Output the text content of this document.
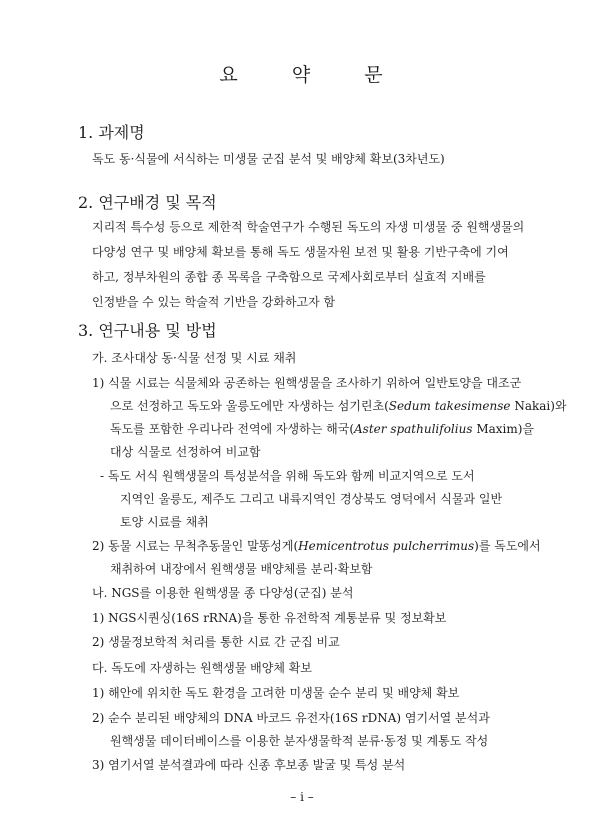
요	약	문
1. 과제명
독도 동·식물에 서식하는 미생물 군집 분석 및 배양체 확보(3차년도)
2. 연구배경 및 목적
지리적 특수성 등으로 제한적 학술연구가 수행된 독도의 자생 미생물 중 원핵생물의
다양성 연구 및 배양체 확보를 통해 독도 생물자원 보전 및 활용 기반구축에 기여
하고, 정부차원의 종합 종 목록을 구축함으로 국제사회로부터 실효적 지배를
인정받을 수 있는 학술적 기반을 강화하고자 함
3. 연구내용 및 방법
가. 조사대상 동·식물 선정 및 시료 채취
1) 식물 시료는 식물체와 공존하는 원핵생물을 조사하기 위하여 일반토양을 대조군
으로 선정하고 독도와 울릉도에만 자생하는 섬기린초(Sedum takesimense Nakai)와
독도를 포함한 우리나라 전역에 자생하는 해국(Aster spathulifolius Maxim)을
대상 식물로 선정하여 비교함
- 독도 서식 원핵생물의 특성분석을 위해 독도와 함께 비교지역으로 도서
지역인 울릉도, 제주도 그리고 내륙지역인 경상북도 영덕에서 식물과 일반
토양 시료를 채취
2) 동물 시료는 무척추동물인 말똥성게(Hemicentrotus pulcherrimus)를 독도에서
채취하여 내장에서 원핵생물 배양체를 분리·확보함
나. NGS를 이용한 원핵생물 종 다양성(군집) 분석
1) NGS시퀀싱(16S rRNA)을 통한 유전학적 계통분류 및 정보확보
2) 생물정보학적 처리를 통한 시료 간 군집 비교
다. 독도에 자생하는 원핵생물 배양체 확보
1) 해안에 위치한 독도 환경을 고려한 미생물 순수 분리 및 배양체 확보
2) 순수 분리된 배양체의 DNA 바코드 유전자(16S rDNA) 염기서열 분석과
원핵생물 데이터베이스를 이용한 분자생물학적 분류·동정 및 계통도 작성
3) 염기서열 분석결과에 따라 신종 후보종 발굴 및 특성 분석
– i –
